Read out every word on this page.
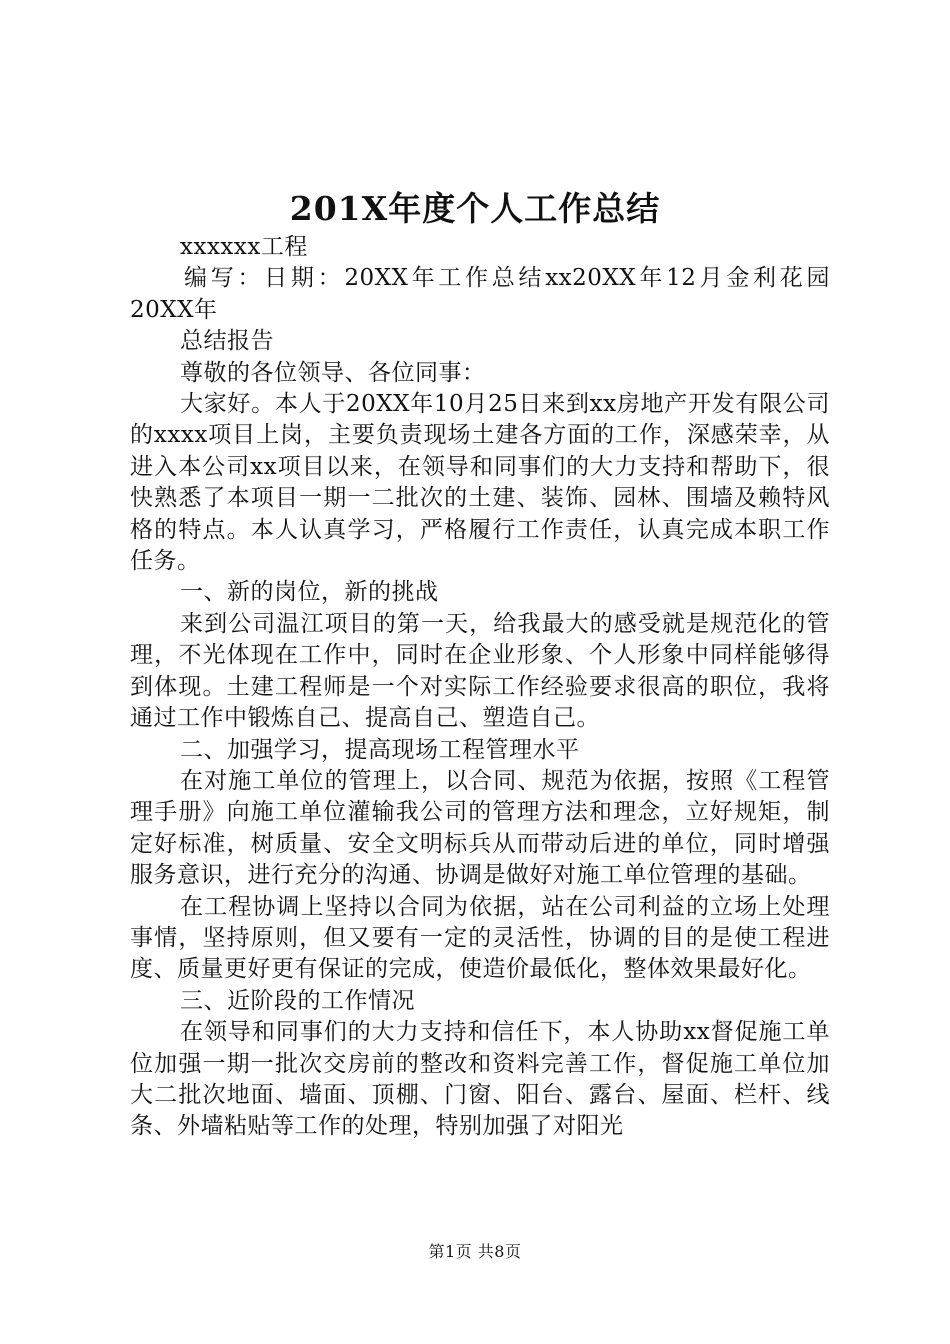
201X年度个人工作总结

xxxxxx工程

编写：日期：20XX年工作总结xx20XX年12月金利花园20XX年

总结报告

尊敬的各位领导、各位同事：

大家好。本人于20XX年10月25日来到xx房地产开发有限公司的xxxx项目上岗，主要负责现场土建各方面的工作，深感荣幸，从进入本公司xx项目以来，在领导和同事们的大力支持和帮助下，很快熟悉了本项目一期一二批次的土建、装饰、园林、围墙及赖特风格的特点。本人认真学习，严格履行工作责任，认真完成本职工作任务。

一、新的岗位，新的挑战

来到公司温江项目的第一天，给我最大的感受就是规范化的管理，不光体现在工作中，同时在企业形象、个人形象中同样能够得到体现。土建工程师是一个对实际工作经验要求很高的职位，我将通过工作中锻炼自己、提高自己、塑造自己。

二、加强学习，提高现场工程管理水平

在对施工单位的管理上，以合同、规范为依据，按照《工程管理手册》向施工单位灌输我公司的管理方法和理念，立好规矩，制定好标准，树质量、安全文明标兵从而带动后进的单位，同时增强服务意识，进行充分的沟通、协调是做好对施工单位管理的基础。

在工程协调上坚持以合同为依据，站在公司利益的立场上处理事情，坚持原则，但又要有一定的灵活性，协调的目的是使工程进度、质量更好更有保证的完成，使造价最低化，整体效果最好化。

三、近阶段的工作情况

在领导和同事们的大力支持和信任下，本人协助xx督促施工单位加强一期一批次交房前的整改和资料完善工作，督促施工单位加大二批次地面、墙面、顶棚、门窗、阳台、露台、屋面、栏杆、线条、外墙粘贴等工作的处理，特别加强了对阳光

第1页 共8页
